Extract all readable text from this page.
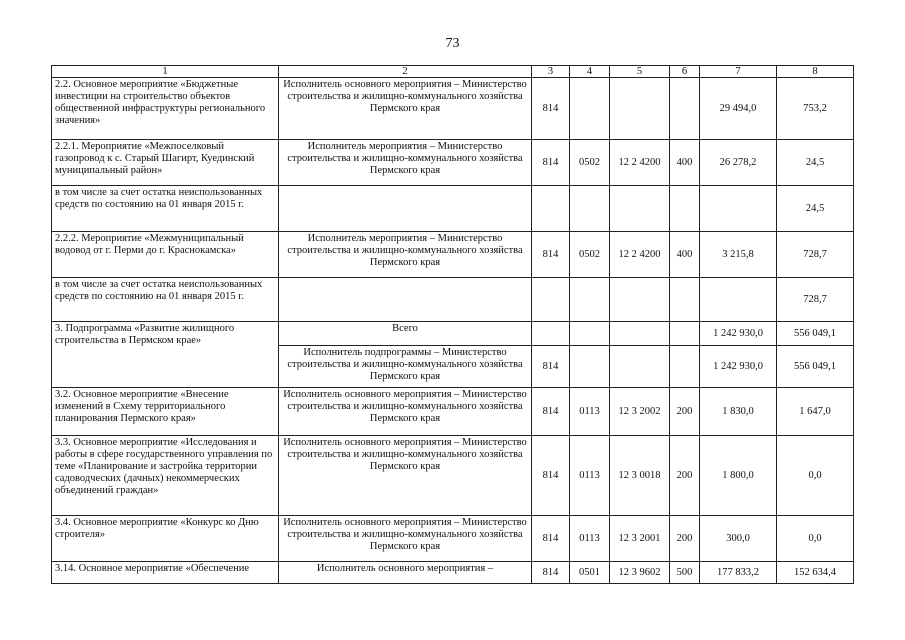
73
1	2	3	4	5	6	7	8
2.2. Основное мероприятие «Бюджетные инвестиции на строительство объектов общественной инфраструктуры регионального значения»	Исполнитель основного мероприятия – Министерство строительства и жилищно-коммунального хозяйства Пермского края	814				29 494,0	753,2
2.2.1. Мероприятие «Межпоселковый газопровод к с. Старый Шагирт, Куединский муниципальный район»	Исполнитель мероприятия – Министерство строительства и жилищно-коммунального хозяйства Пермского края	814	0502	12 2 4200	400	26 278,2	24,5
в том числе за счет остатка неиспользованных средств по состоянию на 01 января 2015 г.							24,5
2.2.2. Мероприятие «Межмуниципальный водовод от г. Перми до г. Краснокамска»	Исполнитель мероприятия – Министерство строительства и жилищно-коммунального хозяйства Пермского края	814	0502	12 2 4200	400	3 215,8	728,7
в том числе за счет остатка неиспользованных средств по состоянию на 01 января 2015 г.							728,7
3. Подпрограмма «Развитие жилищного строительства в Пермском крае»	Всего					1 242 930,0	556 049,1
	Исполнитель подпрограммы – Министерство строительства и жилищно-коммунального хозяйства Пермского края	814				1 242 930,0	556 049,1
3.2. Основное мероприятие «Внесение изменений в Схему территориального планирования Пермского края»	Исполнитель основного мероприятия – Министерство строительства и жилищно-коммунального хозяйства Пермского края	814	0113	12 3 2002	200	1 830,0	1 647,0
3.3. Основное мероприятие «Исследования и работы в сфере государственного управления по теме «Планирование и застройка территории садоводческих (дачных) некоммерческих объединений граждан»	Исполнитель основного мероприятия – Министерство строительства и жилищно-коммунального хозяйства Пермского края	814	0113	12 3 0018	200	1 800,0	0,0
3.4. Основное мероприятие «Конкурс ко Дню строителя»	Исполнитель основного мероприятия – Министерство строительства и жилищно-коммунального хозяйства Пермского края	814	0113	12 3 2001	200	300,0	0,0
3.14. Основное мероприятие «Обеспечение	Исполнитель основного мероприятия –	814	0501	12 3 9602	500	177 833,2	152 634,4
